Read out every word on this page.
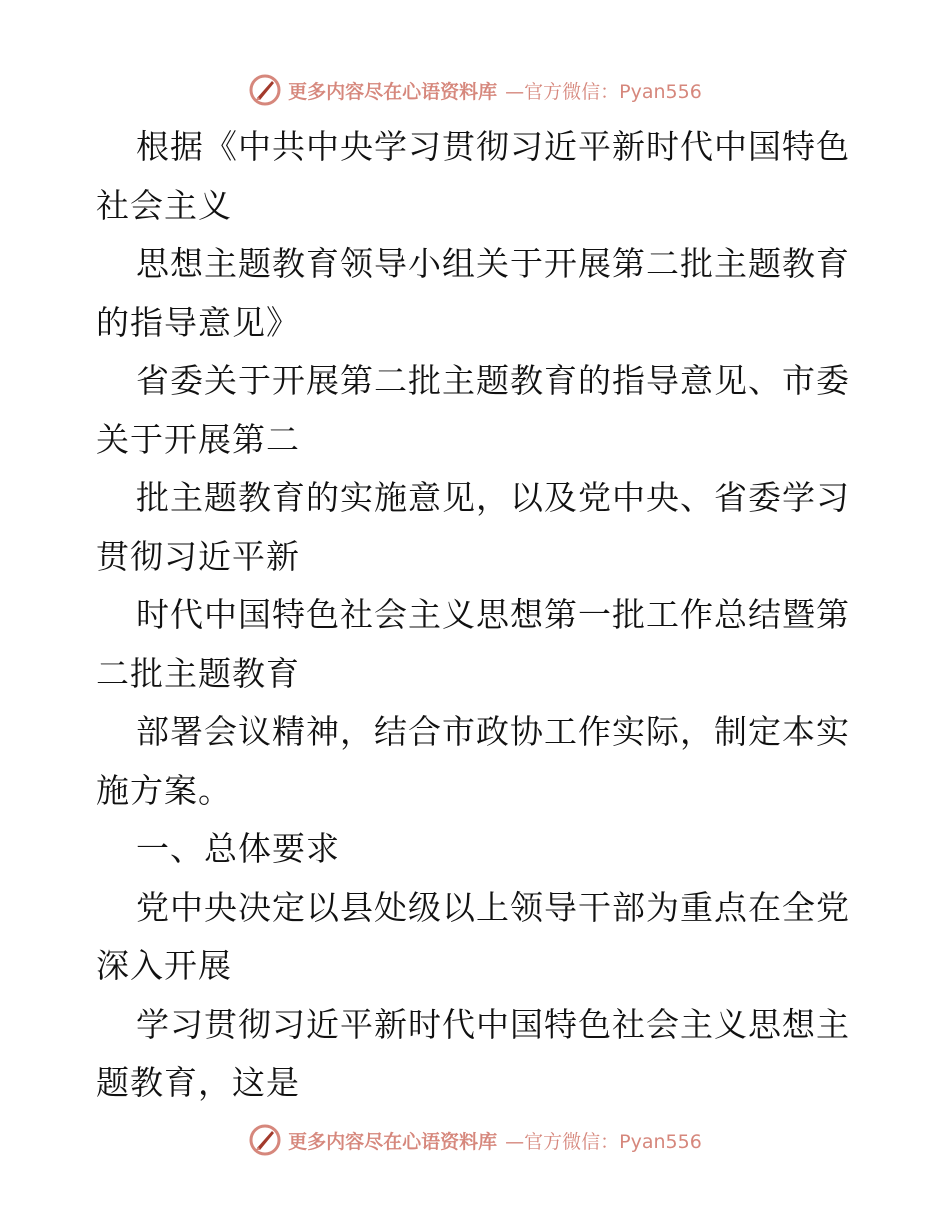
更多内容尽在心语资料库 —官方微信：Pyan556
根据《中共中央学习贯彻习近平新时代中国特色
社会主义
思想主题教育领导小组关于开展第二批主题教育
的指导意见》
省委关于开展第二批主题教育的指导意见、市委
关于开展第二
批主题教育的实施意见，以及党中央、省委学习
贯彻习近平新
时代中国特色社会主义思想第一批工作总结暨第
二批主题教育
部署会议精神，结合市政协工作实际，制定本实
施方案。
一、总体要求
党中央决定以县处级以上领导干部为重点在全党
深入开展
学习贯彻习近平新时代中国特色社会主义思想主
题教育，这是
更多内容尽在心语资料库 —官方微信：Pyan556
